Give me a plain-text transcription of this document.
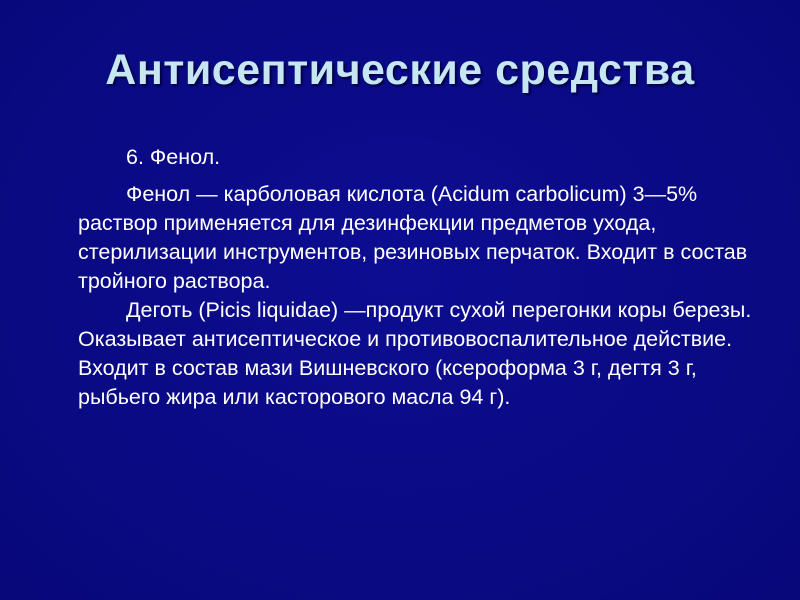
Антисептические средства

6. Фенол.

Фенол — карболовая кислота (Acidum carbolicum) 3—5% раствор применяется для дезинфекции предметов ухода, стерилизации инструментов, резиновых перчаток. Входит в состав тройного раствора.

Деготь (Picis liquidae) —продукт сухой перегонки коры березы. Оказывает антисептическое и противовоспалительное действие. Входит в состав мази Вишневского (ксероформа 3 г, дегтя 3 г, рыбьего жира или касторового масла 94 г).
